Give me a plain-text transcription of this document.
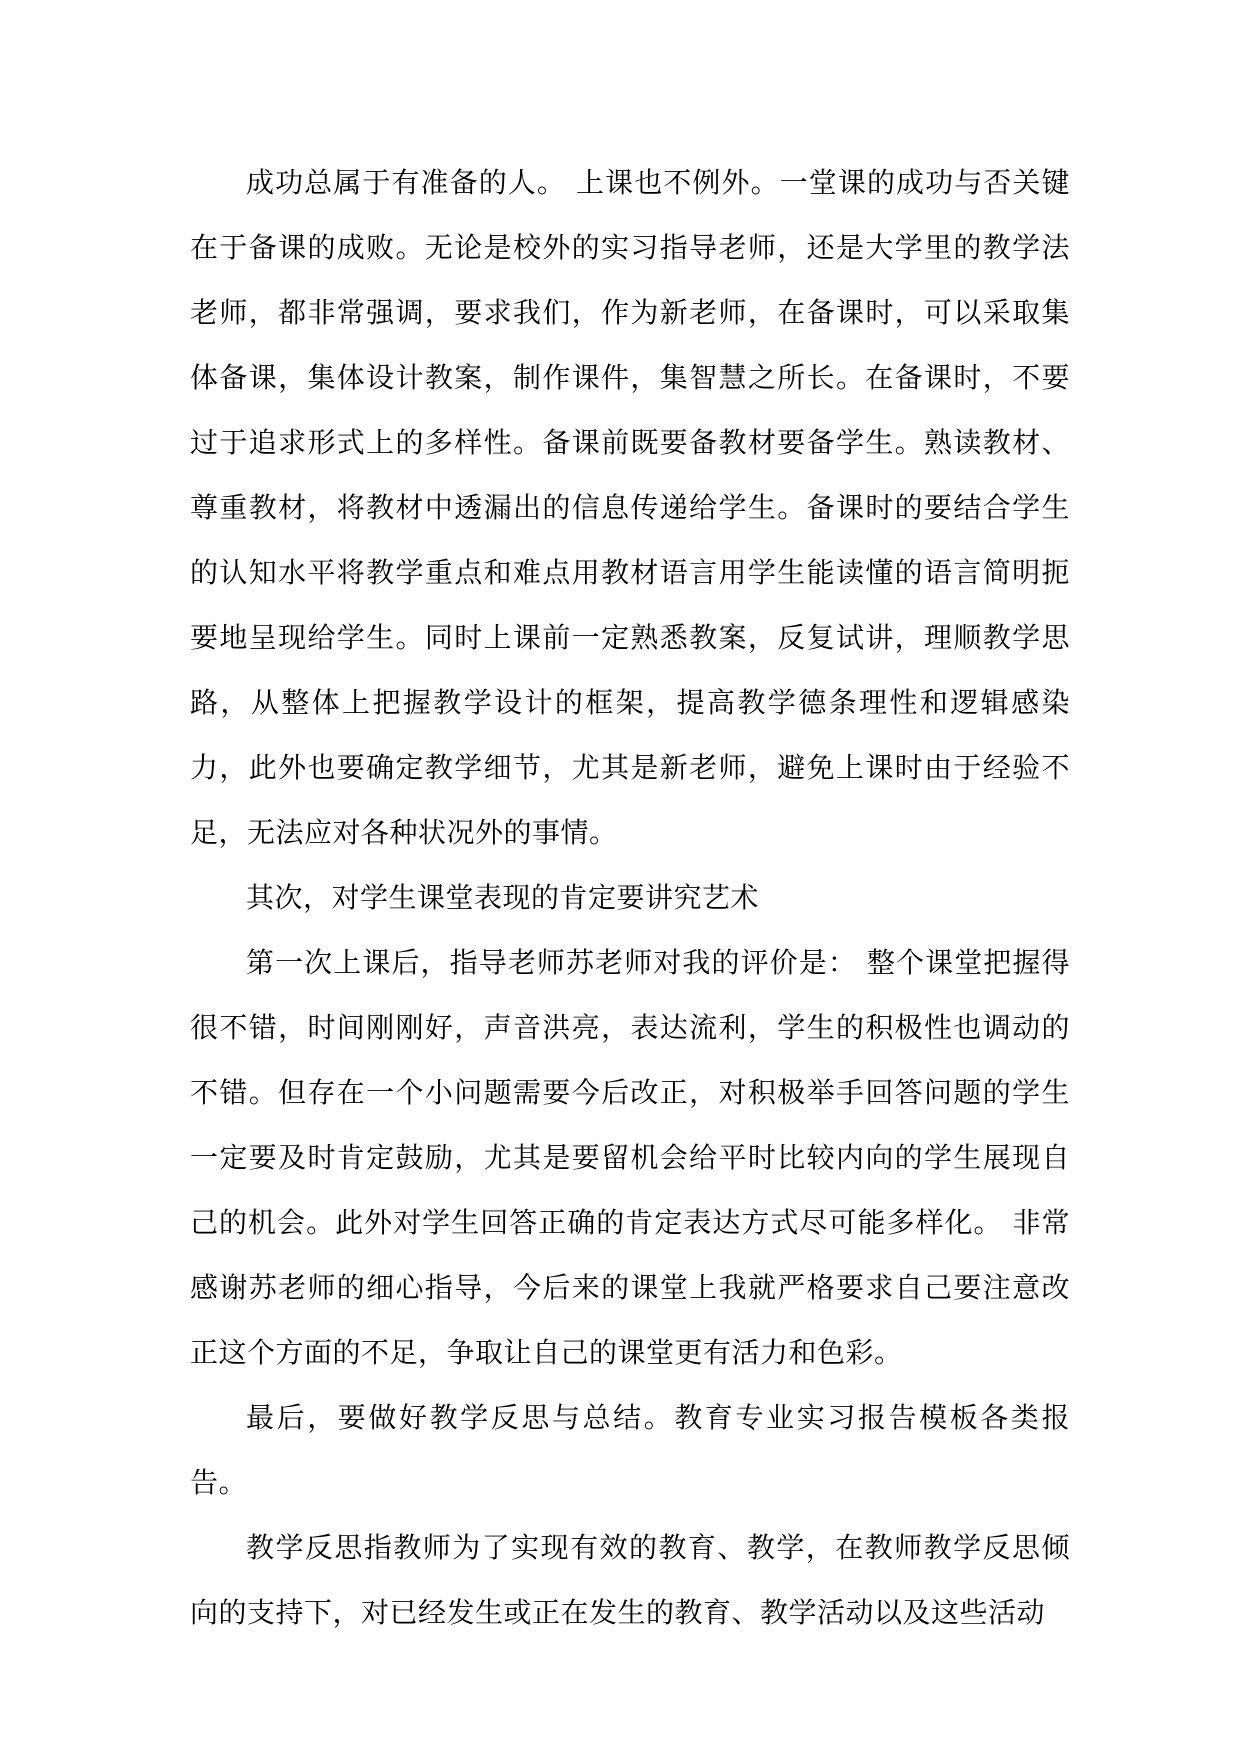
成功总属于有准备的人。 上课也不例外。一堂课的成功与否关键在于备课的成败。无论是校外的实习指导老师，还是大学里的教学法老师，都非常强调，要求我们，作为新老师，在备课时，可以采取集体备课，集体设计教案，制作课件，集智慧之所长。在备课时，不要过于追求形式上的多样性。备课前既要备教材要备学生。熟读教材、尊重教材，将教材中透漏出的信息传递给学生。备课时的要结合学生的认知水平将教学重点和难点用教材语言用学生能读懂的语言简明扼要地呈现给学生。同时上课前一定熟悉教案，反复试讲，理顺教学思路，从整体上把握教学设计的框架，提高教学德条理性和逻辑感染力，此外也要确定教学细节，尤其是新老师，避免上课时由于经验不足，无法应对各种状况外的事情。

其次，对学生课堂表现的肯定要讲究艺术

第一次上课后，指导老师苏老师对我的评价是： 整个课堂把握得很不错，时间刚刚好，声音洪亮，表达流利，学生的积极性也调动的不错。但存在一个小问题需要今后改正，对积极举手回答问题的学生一定要及时肯定鼓励，尤其是要留机会给平时比较内向的学生展现自己的机会。此外对学生回答正确的肯定表达方式尽可能多样化。 非常感谢苏老师的细心指导，今后来的课堂上我就严格要求自己要注意改正这个方面的不足，争取让自己的课堂更有活力和色彩。

最后，要做好教学反思与总结。教育专业实习报告模板各类报告。

教学反思指教师为了实现有效的教育、教学，在教师教学反思倾向的支持下，对已经发生或正在发生的教育、教学活动以及这些活动
